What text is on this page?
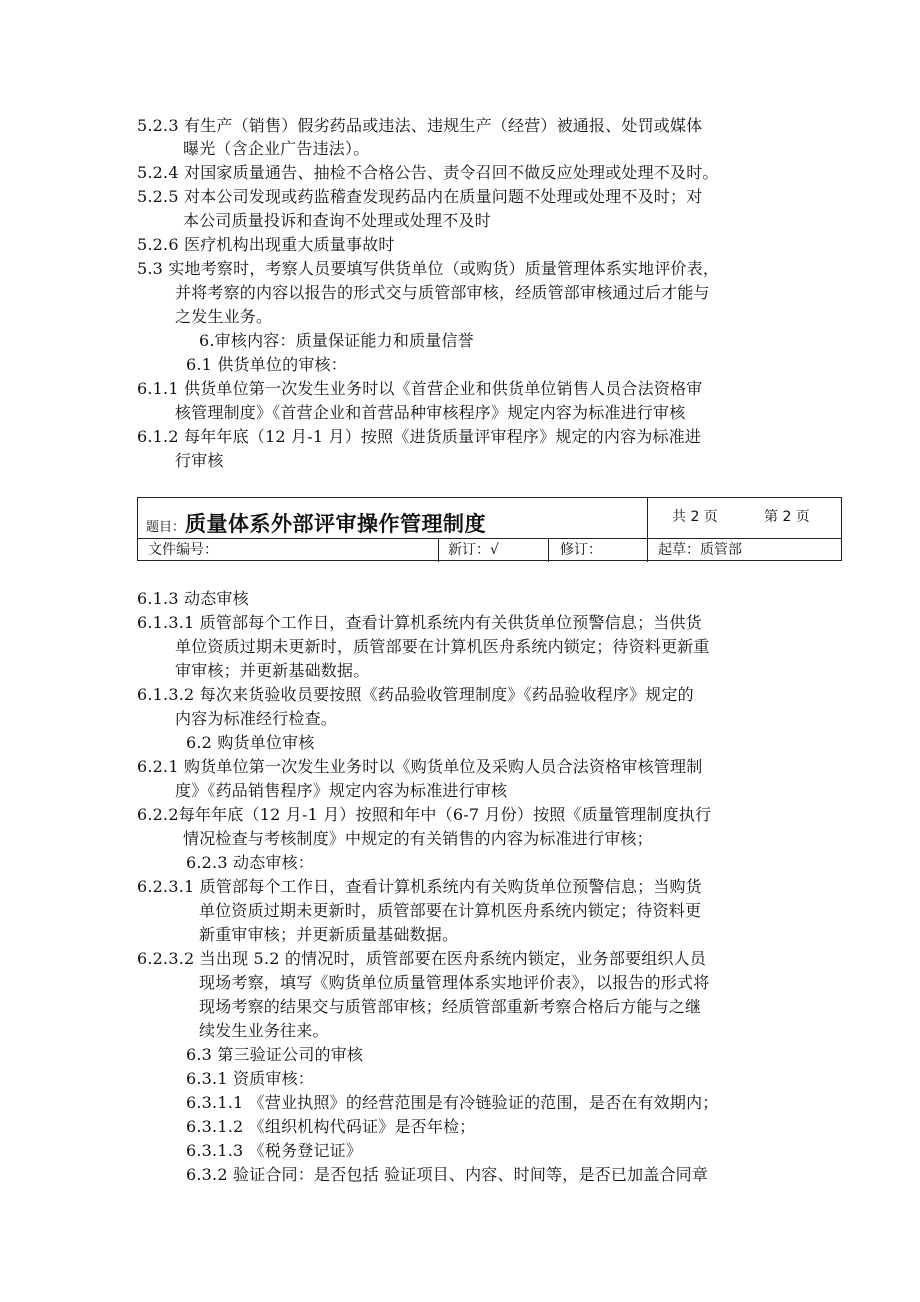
5.2.3 有生产（销售）假劣药品或违法、违规生产（经营）被通报、处罚或媒体
曝光（含企业广告违法）。
5.2.4 对国家质量通告、抽检不合格公告、责令召回不做反应处理或处理不及时。
5.2.5 对本公司发现或药监稽查发现药品内在质量问题不处理或处理不及时；对
本公司质量投诉和查询不处理或处理不及时
5.2.6 医疗机构出现重大质量事故时
5.3 实地考察时，考察人员要填写供货单位（或购货）质量管理体系实地评价表，
并将考察的内容以报告的形式交与质管部审核，经质管部审核通过后才能与
之发生业务。
6.审核内容：质量保证能力和质量信誉
6.1 供货单位的审核：
6.1.1 供货单位第一次发生业务时以《首营企业和供货单位销售人员合法资格审
核管理制度》《首营企业和首营品种审核程序》规定内容为标准进行审核
6.1.2 每年年底（12 月-1 月）按照《进货质量评审程序》规定的内容为标准进
行审核
题目：质量体系外部评审操作管理制度	共 2 页	第 2 页
文件编号：	新订：√	修订：	起草：质管部
6.1.3 动态审核
6.1.3.1 质管部每个工作日，查看计算机系统内有关供货单位预警信息；当供货
单位资质过期未更新时，质管部要在计算机医舟系统内锁定；待资料更新重
审审核；并更新基础数据。
6.1.3.2 每次来货验收员要按照《药品验收管理制度》《药品验收程序》规定的
内容为标准经行检查。
6.2 购货单位审核
6.2.1 购货单位第一次发生业务时以《购货单位及采购人员合法资格审核管理制
度》《药品销售程序》规定内容为标准进行审核
6.2.2每年年底（12 月-1 月）按照和年中（6-7 月份）按照《质量管理制度执行
情况检查与考核制度》中规定的有关销售的内容为标准进行审核；
6.2.3 动态审核：
6.2.3.1 质管部每个工作日，查看计算机系统内有关购货单位预警信息；当购货
单位资质过期未更新时，质管部要在计算机医舟系统内锁定；待资料更
新重审审核；并更新质量基础数据。
6.2.3.2 当出现 5.2 的情况时，质管部要在医舟系统内锁定，业务部要组织人员
现场考察，填写《购货单位质量管理体系实地评价表》，以报告的形式将
现场考察的结果交与质管部审核；经质管部重新考察合格后方能与之继
续发生业务往来。
6.3 第三验证公司的审核
6.3.1 资质审核：
6.3.1.1 《营业执照》的经营范围是有冷链验证的范围，是否在有效期内；
6.3.1.2 《组织机构代码证》是否年检；
6.3.1.3 《税务登记证》
6.3.2 验证合同：是否包括 验证项目、内容、时间等，是否已加盖合同章
